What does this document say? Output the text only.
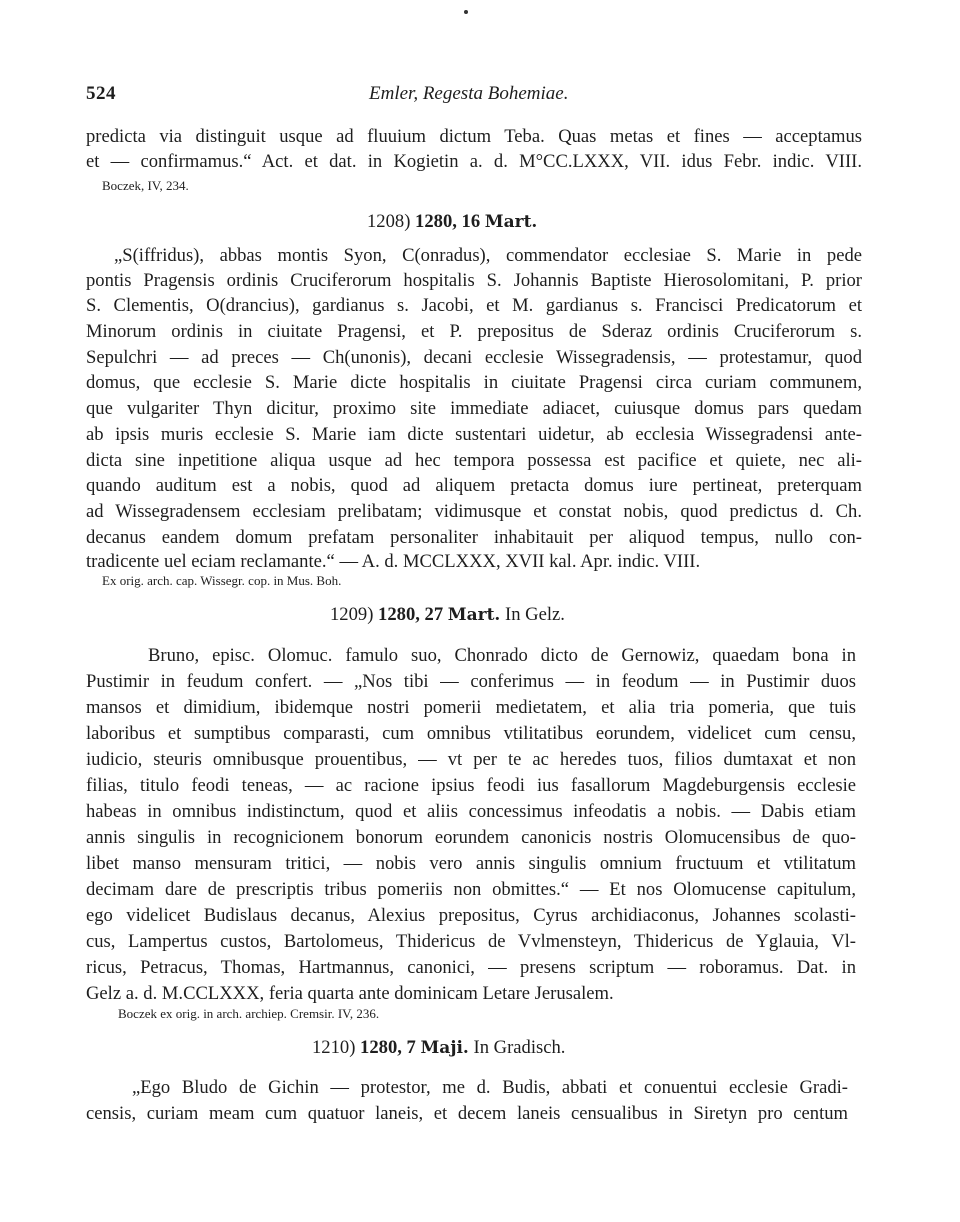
524	Emler, Regesta Bohemiae.
predicta via distinguit usque ad fluuium dictum Teba. Quas metas et fines — acceptamus
et — confirmamus.“ Act. et dat. in Kogietin a. d. M°CC.LXXX, VII. idus Febr. indic. VIII.
Boczek, IV, 234.
1208) 1280, 16 Mart.
„S(iffridus), abbas montis Syon, C(onradus), commendator ecclesiae S. Marie in pede
pontis Pragensis ordinis Cruciferorum hospitalis S. Johannis Baptiste Hierosolomitani, P. prior
S. Clementis, O(drancius), gardianus s. Jacobi, et M. gardianus s. Francisci Predicatorum et
Minorum ordinis in ciuitate Pragensi, et P. prepositus de Sderaz ordinis Cruciferorum s.
Sepulchri — ad preces — Ch(unonis), decani ecclesie Wissegradensis, — protestamur, quod
domus, que ecclesie S. Marie dicte hospitalis in ciuitate Pragensi circa curiam communem,
que vulgariter Thyn dicitur, proximo site immediate adiacet, cuiusque domus pars quedam
ab ipsis muris ecclesie S. Marie iam dicte sustentari uidetur, ab ecclesia Wissegradensi ante-
dicta sine inpetitione aliqua usque ad hec tempora possessa est pacifice et quiete, nec ali-
quando auditum est a nobis, quod ad aliquem pretacta domus iure pertineat, preterquam
ad Wissegradensem ecclesiam prelibatam; vidimusque et constat nobis, quod predictus d. Ch.
decanus eandem domum prefatam personaliter inhabitauit per aliquod tempus, nullo con-
tradicente uel eciam reclamante.“ — A. d. MCCLXXX, XVII kal. Apr. indic. VIII.
Ex orig. arch. cap. Wissegr. cop. in Mus. Boh.
1209) 1280, 27 Mart. In Gelz.
Bruno, episc. Olomuc. famulo suo, Chonrado dicto de Gernowiz, quaedam bona in
Pustimir in feudum confert. — „Nos tibi — conferimus — in feodum — in Pustimir duos
mansos et dimidium, ibidemque nostri pomerii medietatem, et alia tria pomeria, que tuis
laboribus et sumptibus comparasti, cum omnibus vtilitatibus eorundem, videlicet cum censu,
iudicio, steuris omnibusque prouentibus, — vt per te ac heredes tuos, filios dumtaxat et non
filias, titulo feodi teneas, — ac racione ipsius feodi ius fasallorum Magdeburgensis ecclesie
habeas in omnibus indistinctum, quod et aliis concessimus infeodatis a nobis. — Dabis etiam
annis singulis in recognicionem bonorum eorundem canonicis nostris Olomucensibus de quo-
libet manso mensuram tritici, — nobis vero annis singulis omnium fructuum et vtilitatum
decimam dare de prescriptis tribus pomeriis non obmittes.“ — Et nos Olomucense capitulum,
ego videlicet Budislaus decanus, Alexius prepositus, Cyrus archidiaconus, Johannes scolasti-
cus, Lampertus custos, Bartolomeus, Thidericus de Vvlmensteyn, Thidericus de Yglauia, Vl-
ricus, Petracus, Thomas, Hartmannus, canonici, — presens scriptum — roboramus. Dat. in
Gelz a. d. M.CCLXXX, feria quarta ante dominicam Letare Jerusalem.
Boczek ex orig. in arch. archiep. Cremsir. IV, 236.
1210) 1280, 7 Maji. In Gradisch.
„Ego Bludo de Gichin — protestor, me d. Budis, abbati et conuentui ecclesie Gradi-
censis, curiam meam cum quatuor laneis, et decem laneis censualibus in Siretyn pro centum
